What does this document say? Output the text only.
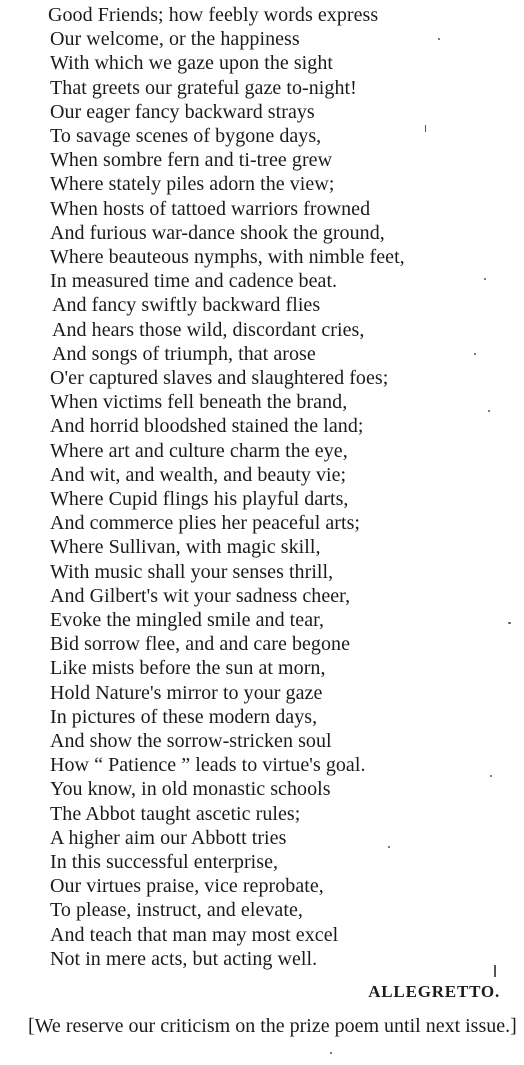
Good Friends; how feebly words express
Our welcome, or the happiness
With which we gaze upon the sight
That greets our grateful gaze to-night!
Our eager fancy backward strays
To savage scenes of bygone days,
When sombre fern and ti-tree grew
Where stately piles adorn the view;
When hosts of tattoed warriors frowned
And furious war-dance shook the ground,
Where beauteous nymphs, with nimble feet,
In measured time and cadence beat.
And fancy swiftly backward flies
And hears those wild, discordant cries,
And songs of triumph, that arose
O'er captured slaves and slaughtered foes;
When victims fell beneath the brand,
And horrid bloodshed stained the land;
Where art and culture charm the eye,
And wit, and wealth, and beauty vie;
Where Cupid flings his playful darts,
And commerce plies her peaceful arts;
Where Sullivan, with magic skill,
With music shall your senses thrill,
And Gilbert's wit your sadness cheer,
Evoke the mingled smile and tear,
Bid sorrow flee, and and care begone
Like mists before the sun at morn,
Hold Nature's mirror to your gaze
In pictures of these modern days,
And show the sorrow-stricken soul
How “ Patience ” leads to virtue's goal.
You know, in old monastic schools
The Abbot taught ascetic rules;
A higher aim our Abbott tries
In this successful enterprise,
Our virtues praise, vice reprobate,
To please, instruct, and elevate,
And teach that man may most excel
Not in mere acts, but acting well.
ALLEGRETTO.
[We reserve our criticism on the prize poem until next issue.]
